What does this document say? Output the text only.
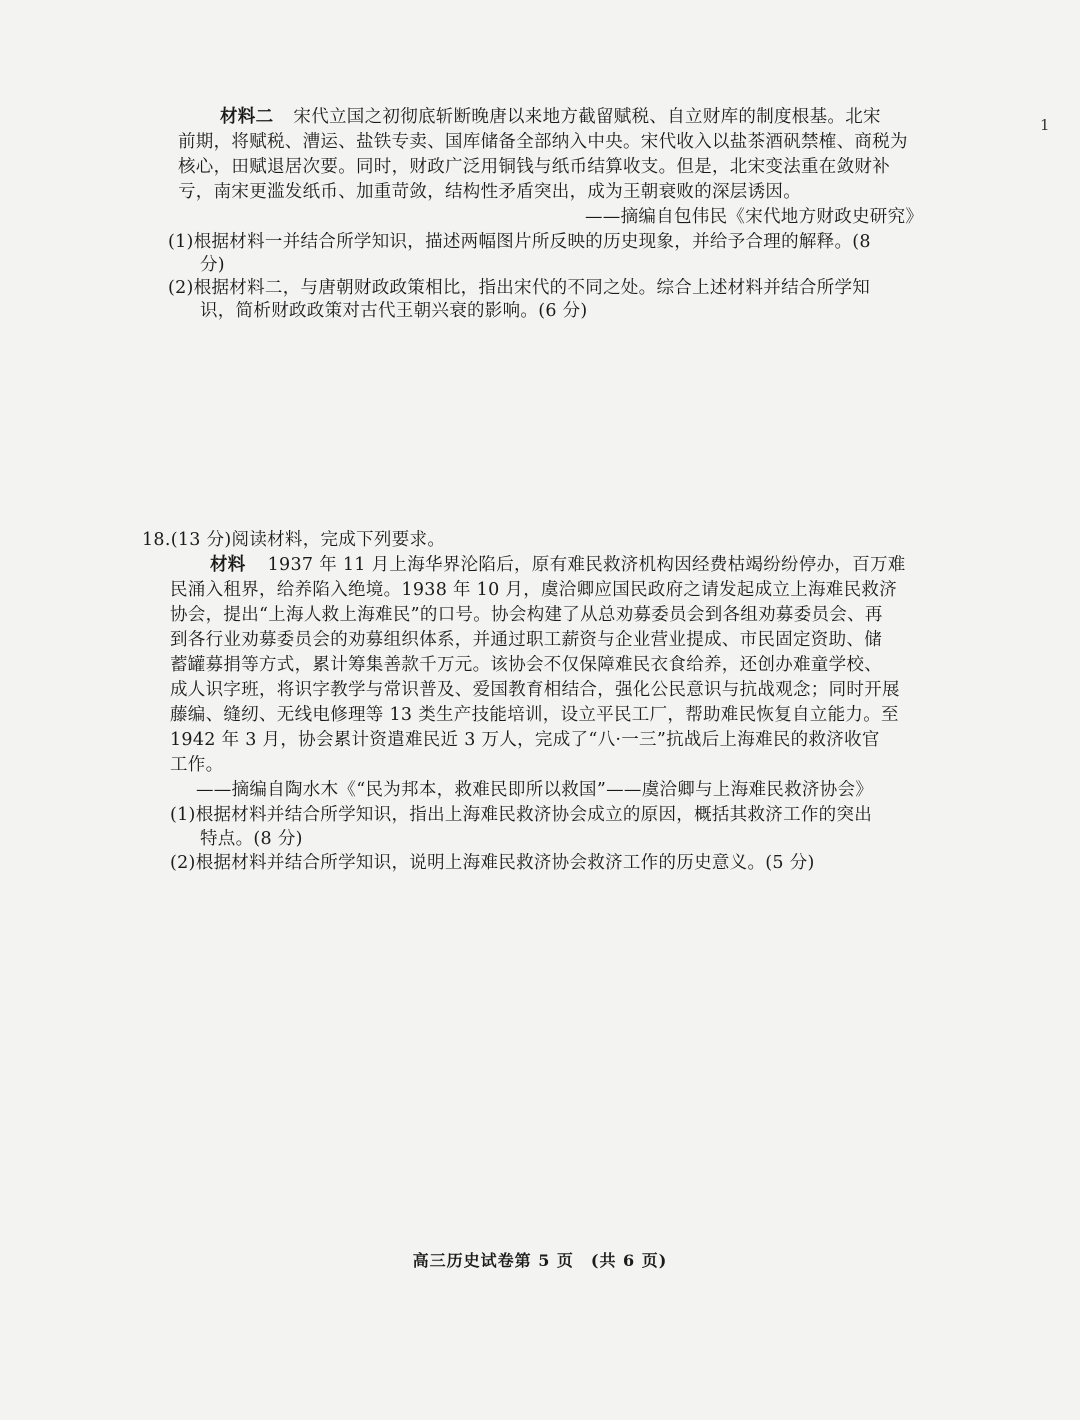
1
材料二 宋代立国之初彻底斩断晚唐以来地方截留赋税、自立财库的制度根基。北宋
前期，将赋税、漕运、盐铁专卖、国库储备全部纳入中央。宋代收入以盐茶酒矾禁榷、商税为
核心，田赋退居次要。同时，财政广泛用铜钱与纸币结算收支。但是，北宋变法重在敛财补
亏，南宋更滥发纸币、加重苛敛，结构性矛盾突出，成为王朝衰败的深层诱因。
——摘编自包伟民《宋代地方财政史研究》
(1)根据材料一并结合所学知识，描述两幅图片所反映的历史现象，并给予合理的解释。(8
分)
(2)根据材料二，与唐朝财政政策相比，指出宋代的不同之处。综合上述材料并结合所学知
识，简析财政政策对古代王朝兴衰的影响。(6 分)
18.(13 分)阅读材料，完成下列要求。
材料 1937 年 11 月上海华界沦陷后，原有难民救济机构因经费枯竭纷纷停办，百万难
民涌入租界，给养陷入绝境。1938 年 10 月，虞洽卿应国民政府之请发起成立上海难民救济
协会，提出“上海人救上海难民”的口号。协会构建了从总劝募委员会到各组劝募委员会、再
到各行业劝募委员会的劝募组织体系，并通过职工薪资与企业营业提成、市民固定资助、储
蓄罐募捐等方式，累计筹集善款千万元。该协会不仅保障难民衣食给养，还创办难童学校、
成人识字班，将识字教学与常识普及、爱国教育相结合，强化公民意识与抗战观念；同时开展
藤编、缝纫、无线电修理等 13 类生产技能培训，设立平民工厂，帮助难民恢复自立能力。至
1942 年 3 月，协会累计资遣难民近 3 万人，完成了“八·一三”抗战后上海难民的救济收官
工作。
——摘编自陶水木《“民为邦本，救难民即所以救国”——虞洽卿与上海难民救济协会》
(1)根据材料并结合所学知识，指出上海难民救济协会成立的原因，概括其救济工作的突出
特点。(8 分)
(2)根据材料并结合所学知识，说明上海难民救济协会救济工作的历史意义。(5 分)
高三历史试卷第 5 页　(共 6 页)
